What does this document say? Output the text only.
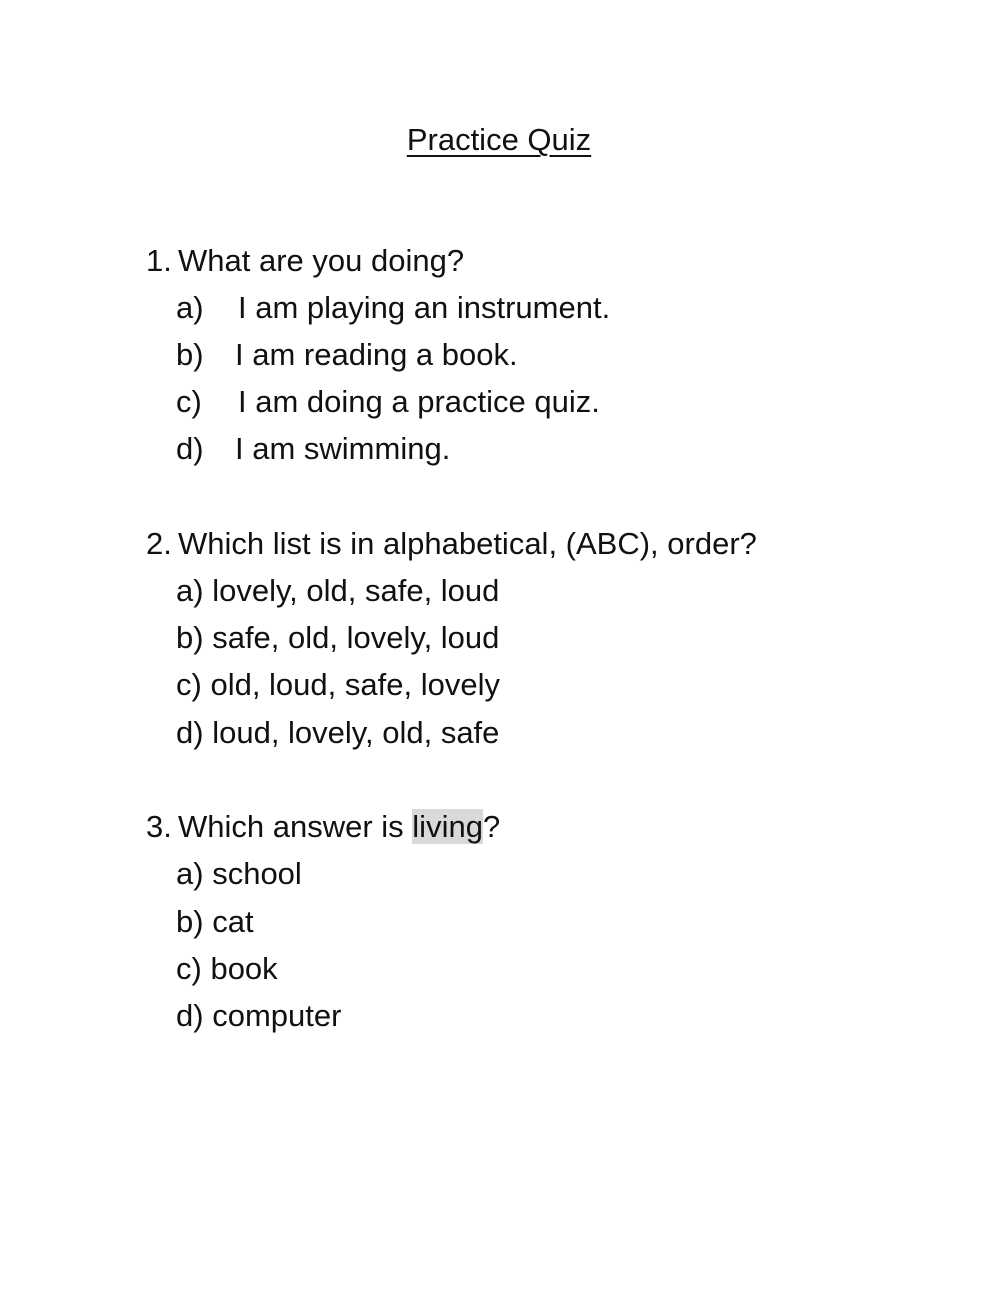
Practice Quiz
1. What are you doing?
a) I am playing an instrument.
b) I am reading a book.
c) I am doing a practice quiz.
d) I am swimming.
2. Which list is in alphabetical, (ABC), order?
a) lovely, old, safe, loud
b) safe, old, lovely, loud
c) old, loud, safe, lovely
d) loud, lovely, old, safe
3. Which answer is living?
a) school
b) cat
c) book
d) computer
